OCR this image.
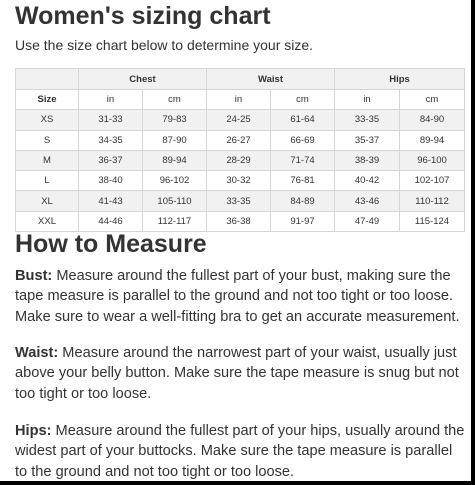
Women's sizing chart

Use the size chart below to determine your size.

	Chest		Waist		Hips	
Size	in	cm	in	cm	in	cm
XS	31-33	79-83	24-25	61-64	33-35	84-90
S	34-35	87-90	26-27	66-69	35-37	89-94
M	36-37	89-94	28-29	71-74	38-39	96-100
L	38-40	96-102	30-32	76-81	40-42	102-107
XL	41-43	105-110	33-35	84-89	43-46	110-112
XXL	44-46	112-117	36-38	91-97	47-49	115-124
How to Measure

Bust: Measure around the fullest part of your bust, making sure the tape measure is parallel to the ground and not too tight or too loose. Make sure to wear a well-fitting bra to get an accurate measurement.

Waist: Measure around the narrowest part of your waist, usually just above your belly button. Make sure the tape measure is snug but not too tight or too loose.

Hips: Measure around the fullest part of your hips, usually around the widest part of your buttocks. Make sure the tape measure is parallel to the ground and not too tight or too loose.
